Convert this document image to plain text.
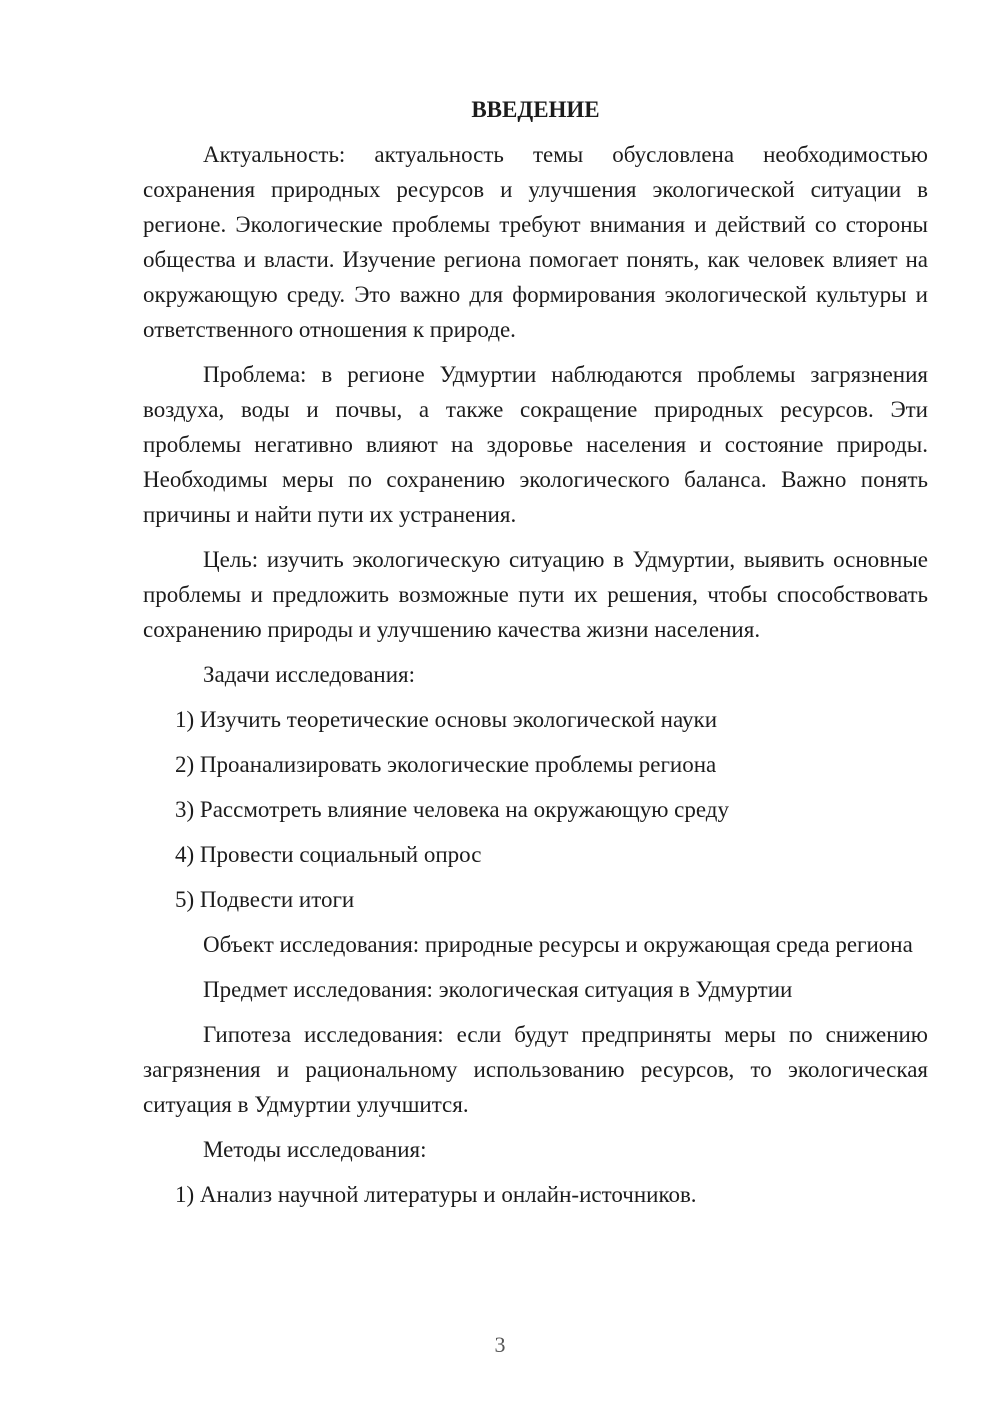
ВВЕДЕНИЕ

Актуальность: актуальность темы обусловлена необходимостью сохранения природных ресурсов и улучшения экологической ситуации в регионе. Экологические проблемы требуют внимания и действий со стороны общества и власти. Изучение региона помогает понять, как человек влияет на окружающую среду. Это важно для формирования экологической культуры и ответственного отношения к природе.

Проблема: в регионе Удмуртии наблюдаются проблемы загрязнения воздуха, воды и почвы, а также сокращение природных ресурсов. Эти проблемы негативно влияют на здоровье населения и состояние природы. Необходимы меры по сохранению экологического баланса. Важно понять причины и найти пути их устранения.

Цель: изучить экологическую ситуацию в Удмуртии, выявить основные проблемы и предложить возможные пути их решения, чтобы способствовать сохранению природы и улучшению качества жизни населения.

Задачи исследования:

1) Изучить теоретические основы экологической науки
2) Проанализировать экологические проблемы региона
3) Рассмотреть влияние человека на окружающую среду
4) Провести социальный опрос
5) Подвести итоги

Объект исследования: природные ресурсы и окружающая среда региона

Предмет исследования: экологическая ситуация в Удмуртии

Гипотеза исследования: если будут предприняты меры по снижению загрязнения и рациональному использованию ресурсов, то экологическая ситуация в Удмуртии улучшится.

Методы исследования:

1) Анализ научной литературы и онлайн-источников.
3
